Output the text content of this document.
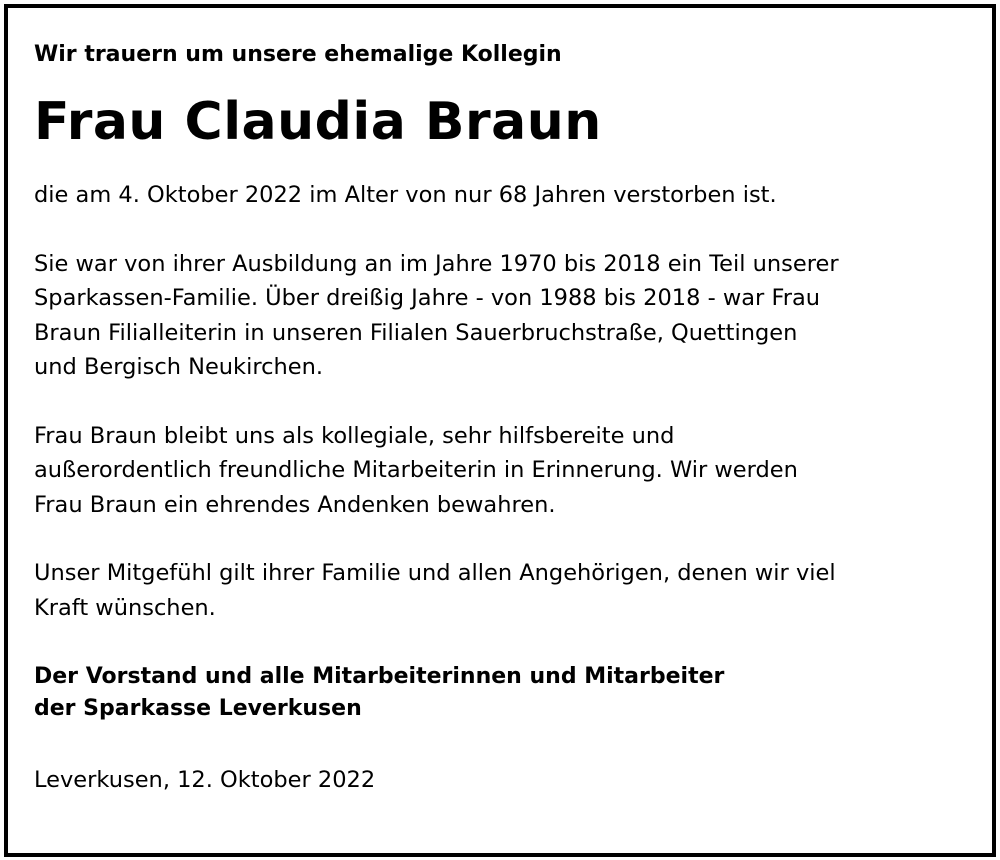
Wir trauern um unsere ehemalige Kollegin

Frau Claudia Braun

die am 4. Oktober 2022 im Alter von nur 68 Jahren verstorben ist.

Sie war von ihrer Ausbildung an im Jahre 1970 bis 2018 ein Teil unserer
Sparkassen-Familie. Über dreißig Jahre - von 1988 bis 2018 - war Frau
Braun Filialleiterin in unseren Filialen Sauerbruchstraße, Quettingen
und Bergisch Neukirchen.

Frau Braun bleibt uns als kollegiale, sehr hilfsbereite und
außerordentlich freundliche Mitarbeiterin in Erinnerung. Wir werden
Frau Braun ein ehrendes Andenken bewahren.

Unser Mitgefühl gilt ihrer Familie und allen Angehörigen, denen wir viel
Kraft wünschen.

Der Vorstand und alle Mitarbeiterinnen und Mitarbeiter
der Sparkasse Leverkusen

Leverkusen, 12. Oktober 2022
